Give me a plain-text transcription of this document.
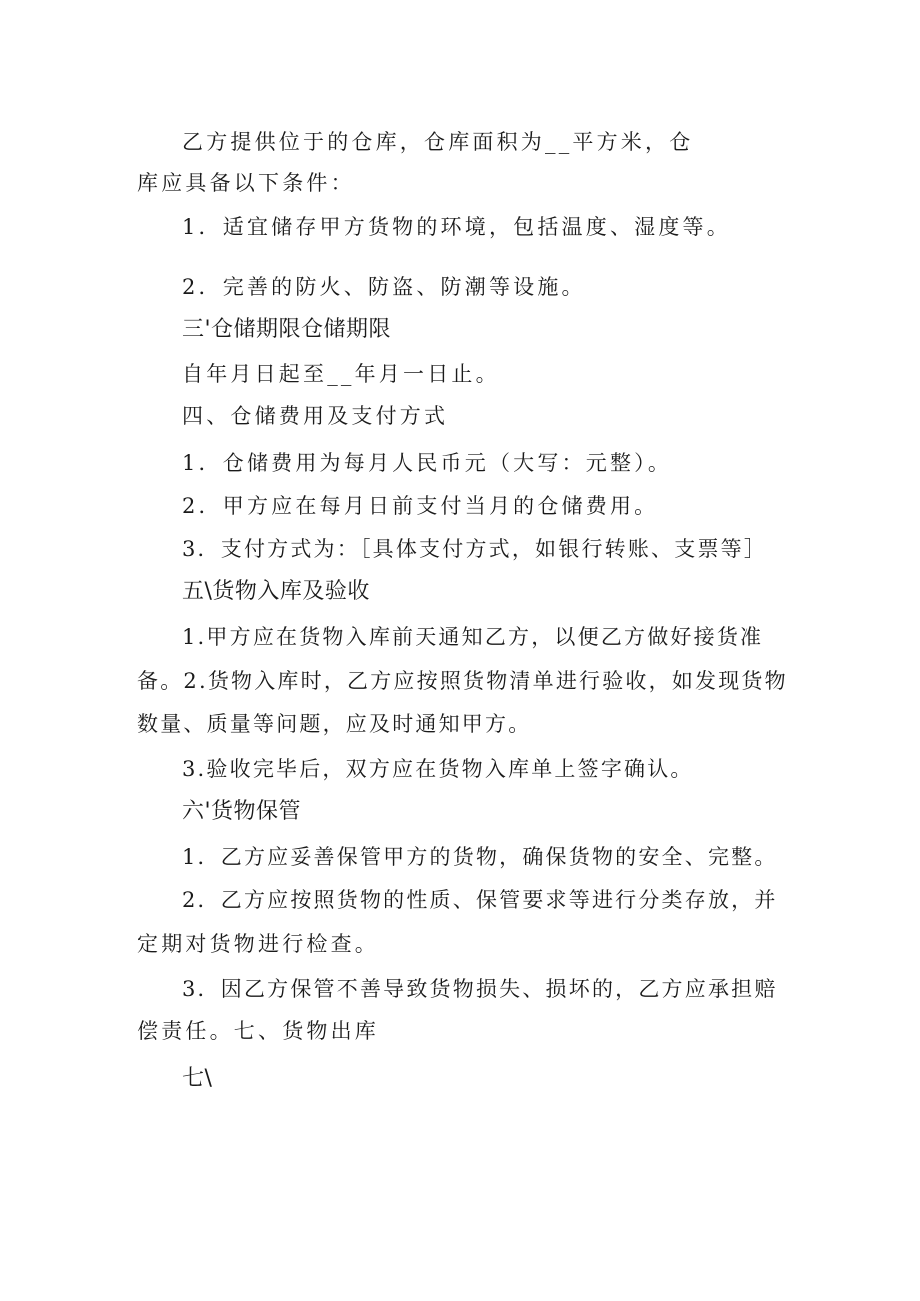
乙方提供位于的仓库，仓库面积为__平方米，仓
库应具备以下条件：
1．适宜储存甲方货物的环境，包括温度、湿度等。
2．完善的防火、防盗、防潮等设施。
三'仓储期限仓储期限
自年月日起至__年月一日止。
四、仓储费用及支付方式
1．仓储费用为每月人民币元（大写：元整）。
2．甲方应在每月日前支付当月的仓储费用。
3．支付方式为：［具体支付方式，如银行转账、支票等］
五\货物入库及验收
1.甲方应在货物入库前天通知乙方，以便乙方做好接货准
备。2.货物入库时，乙方应按照货物清单进行验收，如发现货物
数量、质量等问题，应及时通知甲方。
3.验收完毕后，双方应在货物入库单上签字确认。
六'货物保管
1．乙方应妥善保管甲方的货物，确保货物的安全、完整。
2．乙方应按照货物的性质、保管要求等进行分类存放，并
定期对货物进行检查。
3．因乙方保管不善导致货物损失、损坏的，乙方应承担赔
偿责任。七、货物出库
七\
